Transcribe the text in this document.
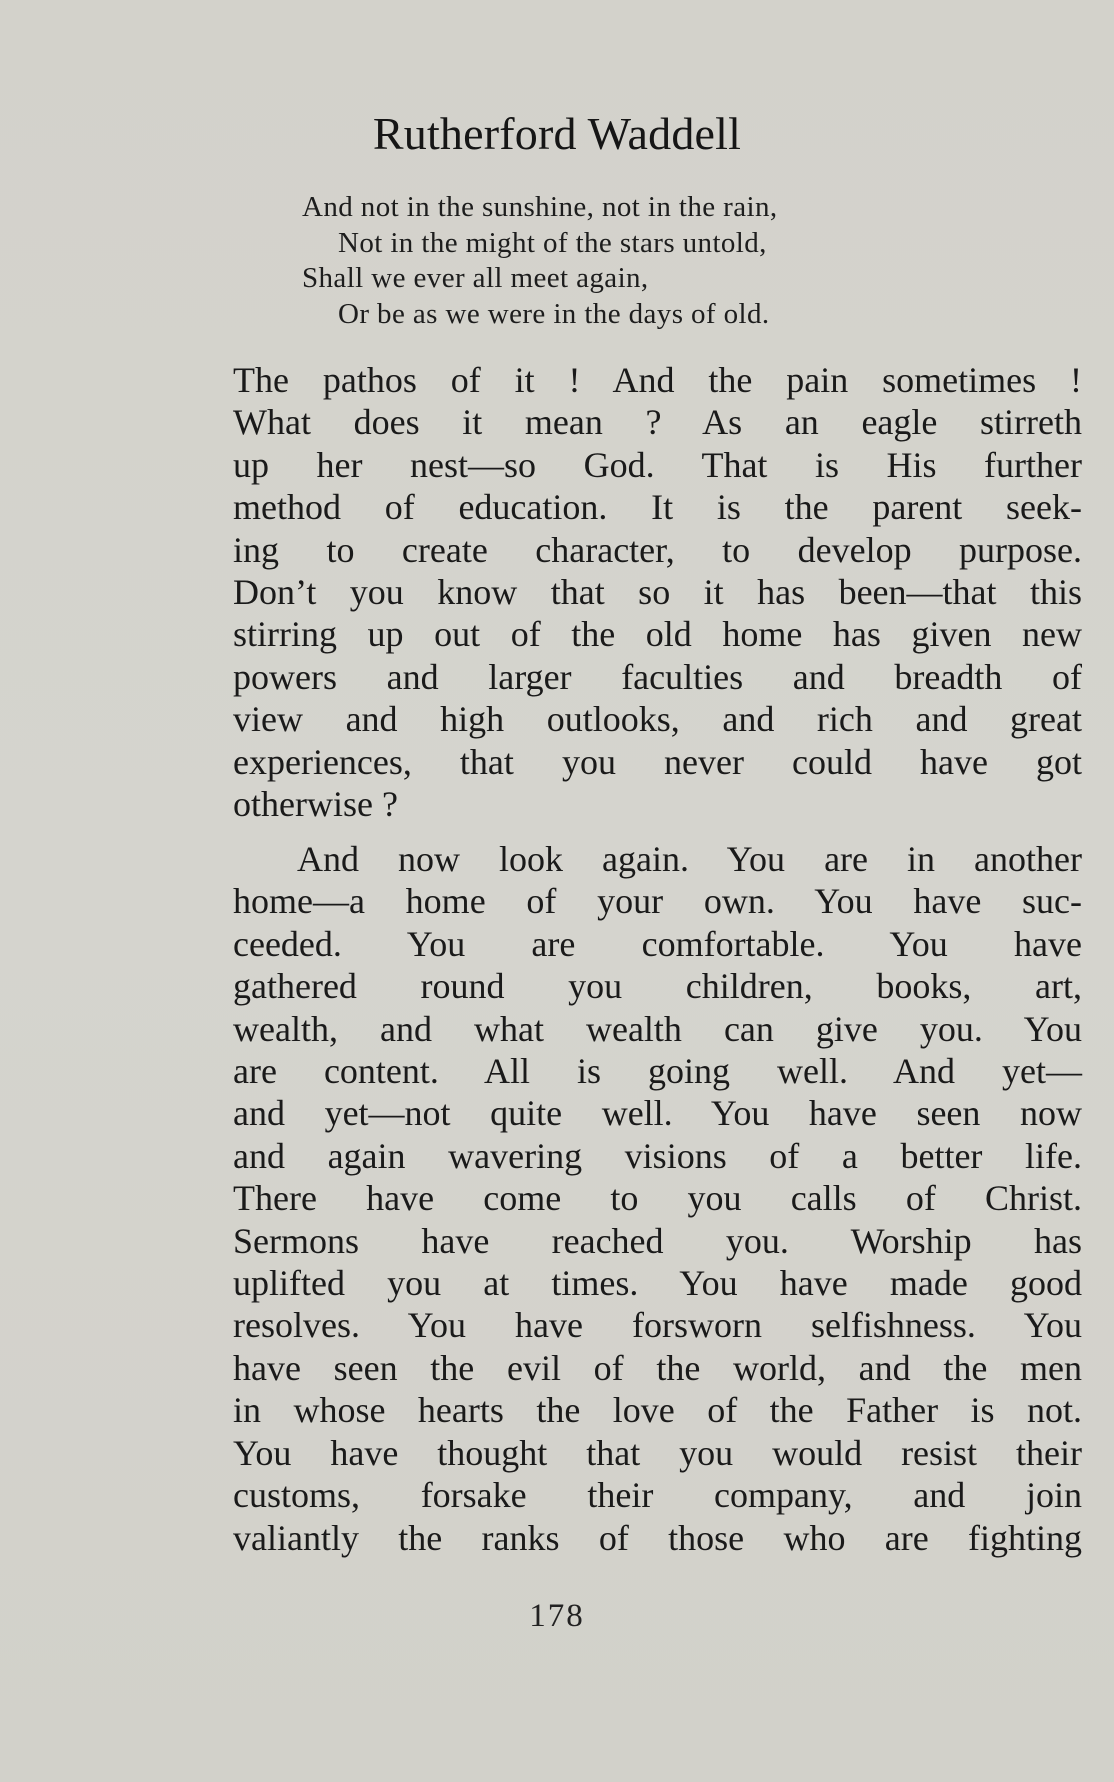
Rutherford Waddell
And not in the sunshine, not in the rain,
Not in the might of the stars untold,
Shall we ever all meet again,
Or be as we were in the days of old.
The pathos of it ! And the pain sometimes !
What does it mean ? As an eagle stirreth
up her nest—so God. That is His further
method of education. It is the parent seek-
ing to create character, to develop purpose.
Don’t you know that so it has been—that this
stirring up out of the old home has given new
powers and larger faculties and breadth of
view and high outlooks, and rich and great
experiences, that you never could have got
otherwise ?
And now look again. You are in another
home—a home of your own. You have suc-
ceeded. You are comfortable. You have
gathered round you children, books, art,
wealth, and what wealth can give you. You
are content. All is going well. And yet—
and yet—not quite well. You have seen now
and again wavering visions of a better life.
There have come to you calls of Christ.
Sermons have reached you. Worship has
uplifted you at times. You have made good
resolves. You have forsworn selfishness. You
have seen the evil of the world, and the men
in whose hearts the love of the Father is not.
You have thought that you would resist their
customs, forsake their company, and join
valiantly the ranks of those who are fighting
178
